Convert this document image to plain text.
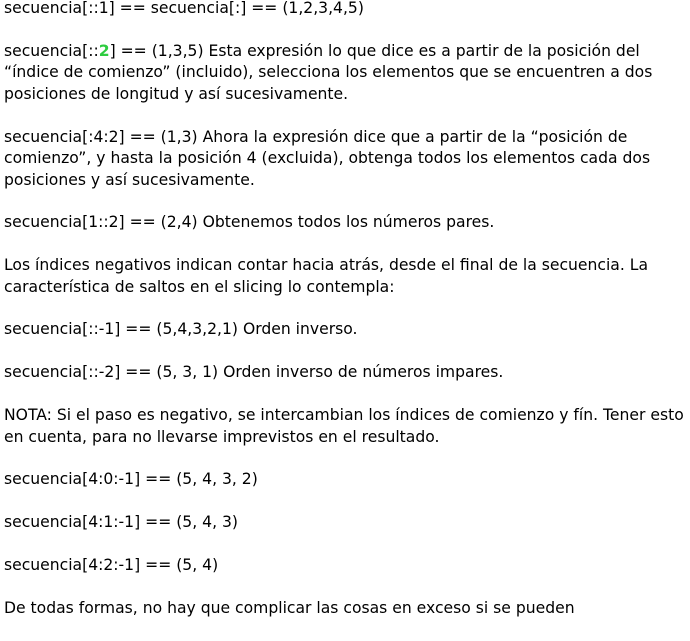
secuencia[::1] == secuencia[:] == (1,2,3,4,5)

secuencia[::2] == (1,3,5) Esta expresión lo que dice es a partir de la posición del “índice de comienzo” (incluido), selecciona los elementos que se encuentren a dos posiciones de longitud y así sucesivamente.

secuencia[:4:2] == (1,3) Ahora la expresión dice que a partir de la “posición de comienzo”, y hasta la posición 4 (excluida), obtenga todos los elementos cada dos posiciones y así sucesivamente.

secuencia[1::2] == (2,4) Obtenemos todos los números pares.

Los índices negativos indican contar hacia atrás, desde el final de la secuencia. La característica de saltos en el slicing lo contempla:

secuencia[::-1] == (5,4,3,2,1) Orden inverso.

secuencia[::-2] == (5, 3, 1) Orden inverso de números impares.

NOTA: Si el paso es negativo, se intercambian los índices de comienzo y fín. Tener esto en cuenta, para no llevarse imprevistos en el resultado.

secuencia[4:0:-1] == (5, 4, 3, 2)

secuencia[4:1:-1] == (5, 4, 3)

secuencia[4:2:-1] == (5, 4)

De todas formas, no hay que complicar las cosas en exceso si se pueden
